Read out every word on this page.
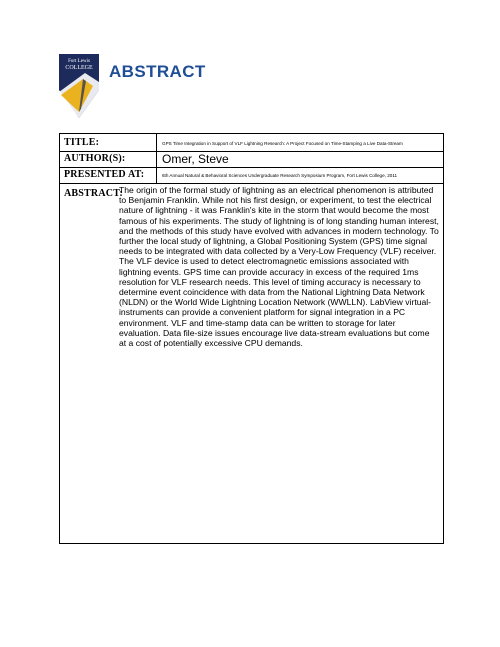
Fort Lewis
COLLEGE ABSTRACT
TITLE:	GPS Time Integration in Support of VLF Lightning Research: A Project Focused on Time-Stamping a Live Data-Stream
AUTHOR(S):	Omer, Steve
PRESENTED AT:	6th Annual Natural & Behavioral Sciences Undergraduate Research Symposium Program, Fort Lewis College, 2011
ABSTRACT:
The origin of the formal study of lightning as an electrical phenomenon is attributed to Benjamin Franklin. While not his first design, or experiment, to test the electrical nature of lightning - it was Franklin's kite in the storm that would become the most famous of his experiments. The study of lightning is of long standing human interest, and the methods of this study have evolved with advances in modern technology. To further the local study of lightning, a Global Positioning System (GPS) time signal needs to be integrated with data collected by a Very-Low Frequency (VLF) receiver. The VLF device is used to detect electromagnetic emissions associated with lightning events. GPS time can provide accuracy in excess of the required 1ms resolution for VLF research needs. This level of timing accuracy is necessary to determine event coincidence with data from the National Lightning Data Network (NLDN) or the World Wide Lightning Location Network (WWLLN). LabView virtual-instruments can provide a convenient platform for signal integration in a PC environment. VLF and time-stamp data can be written to storage for later evaluation. Data file-size issues encourage live data-stream evaluations but come at a cost of potentially excessive CPU demands.
